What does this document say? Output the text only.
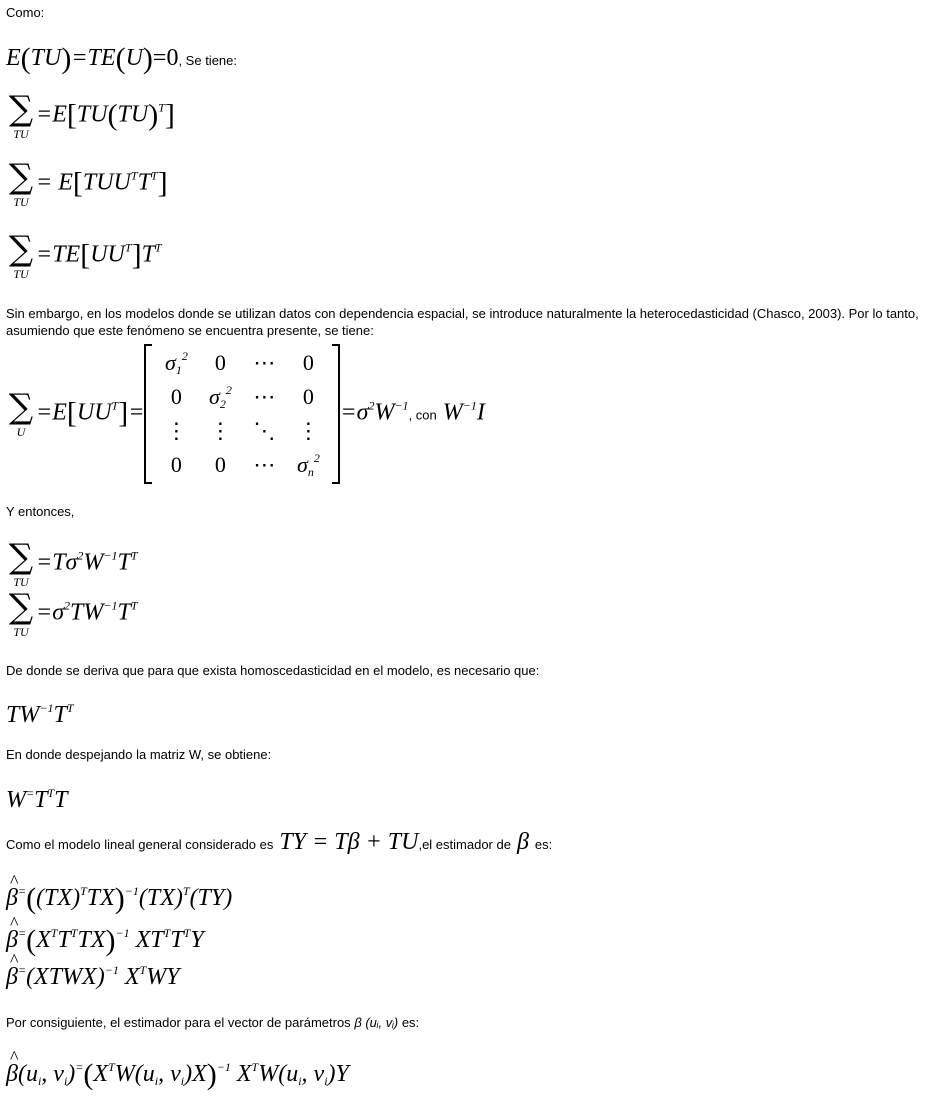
Como:
E(TU)=TE(U)=0, Se tiene:
∑
TU
=E[TU(TU)$^T$]
∑
TU
= $E[TUU^TT^T]$
∑
TU
$=TE[UU^T]T^T$
Sin embargo, en los modelos donde se utilizan datos con dependencia espacial, se introduce naturalmente la heterocedasticidad (Chasco, 2003). Por lo tanto, asumiendo que este fenómeno se encuentra presente, se tiene:
∑
U
$=E[UU^T]=$
$\sigma_1^2$	0	⋯	0
0	$\sigma_2^2$	⋯	0
⋮	⋮	⋱	⋮
0	0	⋯	$\sigma_n^2$
$=\sigma^2W^{-1}$, con $W^{-1}I$
Y entonces,
∑
TU
$=T\sigma^2W^{-1}T^T$
∑
TU
$=\sigma^2TW^{-1}T^T$
De donde se deriva que para que exista homoscedasticidad en el modelo, es necesario que:
$TW^{-1}T^T$
En donde despejando la matriz W, se obtiene:
$W^=T^TT$
Como el modelo lineal general considerado es TY = Tβ + TU,el estimador de β es:
^ $\beta^=((TX)^TTX)^{-1}(TX)^T(TY)$
^ $\beta^=(X^TT^TTX)^{-1}$ $XT^TT^TY$
^ β=(XTWX)$^{-1}$ $X^TWY$
Por consiguiente, el estimador para el vector de parámetros β (uᵢ, vᵢ) es:
^ $\beta(u_i$, $v_i)^=(X^TW(u_i$, $v_i)X)^{-1}$ $X^TW(u_i$, $v_i)Y$
